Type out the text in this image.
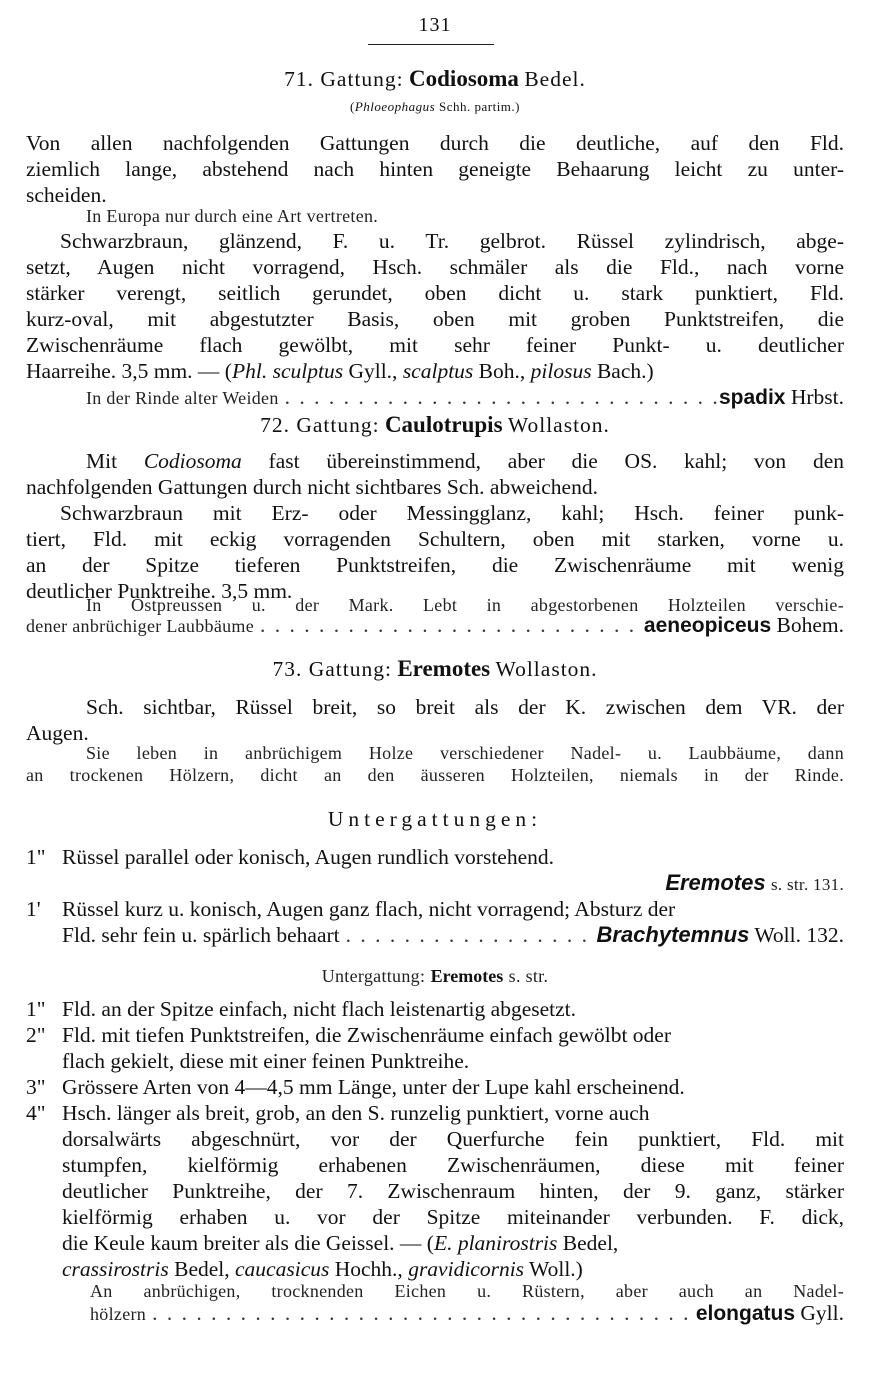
131
71. Gattung: Codiosoma Bedel.
(Phloeophagus Schh. partim.)
Von allen nachfolgenden Gattungen durch die deutliche, auf den Fld.
ziemlich lange, abstehend nach hinten geneigte Behaarung leicht zu unter-
scheiden.
In Europa nur durch eine Art vertreten.
Schwarzbraun, glänzend, F. u. Tr. gelbrot. Rüssel zylindrisch, abge-
setzt, Augen nicht vorragend, Hsch. schmäler als die Fld., nach vorne
stärker verengt, seitlich gerundet, oben dicht u. stark punktiert, Fld.
kurz-oval, mit abgestutzter Basis, oben mit groben Punktstreifen, die
Zwischenräume flach gewölbt, mit sehr feiner Punkt- u. deutlicher
Haarreihe. 3,5 mm. — (Phl. sculptus Gyll., scalptus Boh., pilosus Bach.)
In der Rinde alter Weiden . . .	spadix Hrbst.
72. Gattung: Caulotrupis Wollaston.
Mit Codiosoma fast übereinstimmend, aber die OS. kahl; von den
nachfolgenden Gattungen durch nicht sichtbares Sch. abweichend.
Schwarzbraun mit Erz- oder Messingglanz, kahl; Hsch. feiner punk-
tiert, Fld. mit eckig vorragenden Schultern, oben mit starken, vorne u.
an der Spitze tieferen Punktstreifen, die Zwischenräume mit wenig
deutlicher Punktreihe. 3,5 mm.
In Ostpreussen u. der Mark. Lebt in abgestorbenen Holzteilen verschie-
dener anbrüchiger Laubbäume . . .	aeneopiceus Bohem.
73. Gattung: Eremotes Wollaston.
Sch. sichtbar, Rüssel breit, so breit als der K. zwischen dem VR. der
Augen.
Sie leben in anbrüchigem Holze verschiedener Nadel- u. Laubbäume, dann
an trockenen Hölzern, dicht an den äusseren Holzteilen, niemals in der Rinde.
Untergattungen:
1" Rüssel parallel oder konisch, Augen rundlich vorstehend.
Eremotes s. str. 131.
1' Rüssel kurz u. konisch, Augen ganz flach, nicht vorragend; Absturz der
Fld. sehr fein u. spärlich behaart . . .	Brachytemnus Woll. 132.
Untergattung: Eremotes s. str.
1" Fld. an der Spitze einfach, nicht flach leistenartig abgesetzt.
2" Fld. mit tiefen Punktstreifen, die Zwischenräume einfach gewölbt oder
flach gekielt, diese mit einer feinen Punktreihe.
3" Grössere Arten von 4—4,5 mm Länge, unter der Lupe kahl erscheinend.
4" Hsch. länger als breit, grob, an den S. runzelig punktiert, vorne auch
dorsalwärts abgeschnürt, vor der Querfurche fein punktiert, Fld. mit
stumpfen, kielförmig erhabenen Zwischenräumen, diese mit feiner
deutlicher Punktreihe, der 7. Zwischenraum hinten, der 9. ganz, stärker
kielförmig erhaben u. vor der Spitze miteinander verbunden. F. dick,
die Keule kaum breiter als die Geissel. — (E. planirostris Bedel,
crassirostris Bedel, caucasicus Hochh., gravidicornis Woll.)
An anbrüchigen, trocknenden Eichen u. Rüstern, aber auch an Nadel-
hölzern . . .	elongatus Gyll.
